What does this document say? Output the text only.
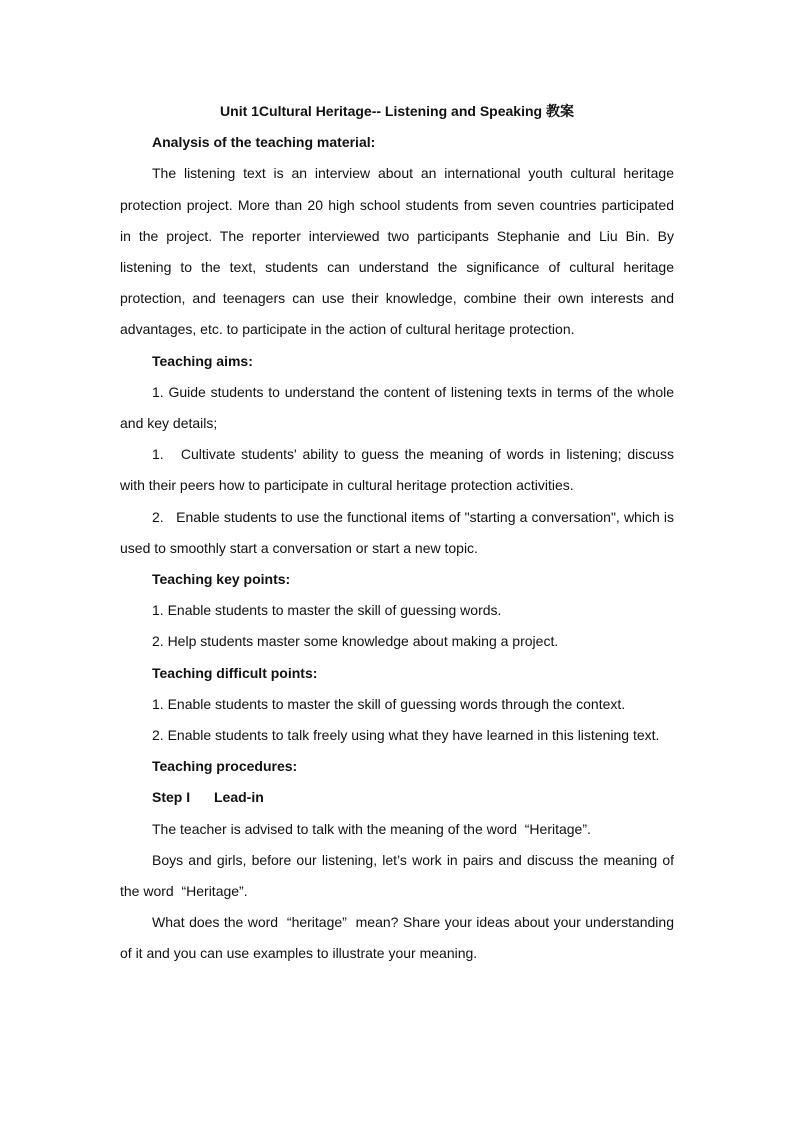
Unit 1Cultural Heritage-- Listening and Speaking 教案

Analysis of the teaching material:

The listening text is an interview about an international youth cultural heritage protection project. More than 20 high school students from seven countries participated in the project. The reporter interviewed two participants Stephanie and Liu Bin. By listening to the text, students can understand the significance of cultural heritage protection, and teenagers can use their knowledge, combine their own interests and advantages, etc. to participate in the action of cultural heritage protection.

Teaching aims:

1. Guide students to understand the content of listening texts in terms of the whole and key details;

1.   Cultivate students' ability to guess the meaning of words in listening; discuss with their peers how to participate in cultural heritage protection activities.

2.   Enable students to use the functional items of "starting a conversation", which is used to smoothly start a conversation or start a new topic.

Teaching key points:

1. Enable students to master the skill of guessing words.

2. Help students master some knowledge about making a project.

Teaching difficult points:

1. Enable students to master the skill of guessing words through the context.

2. Enable students to talk freely using what they have learned in this listening text.

Teaching procedures:

Step I	Lead-in

The teacher is advised to talk with the meaning of the word  “Heritage”.

Boys and girls, before our listening, let’s work in pairs and discuss the meaning of the word  “Heritage”.

What does the word  “heritage”  mean? Share your ideas about your understanding of it and you can use examples to illustrate your meaning.
